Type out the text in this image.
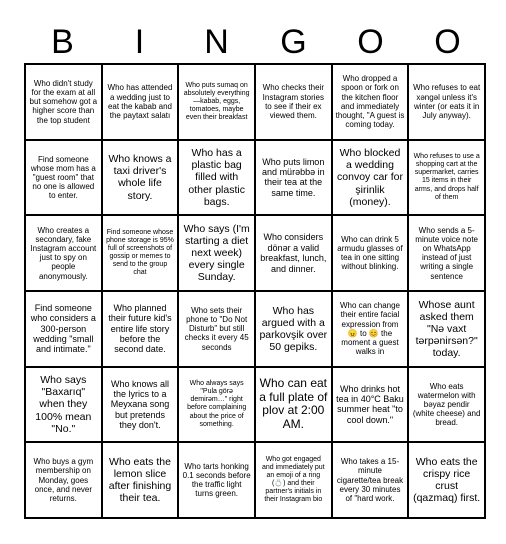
B	I	N	G	O	O
Who didn't study for the exam at all but somehow got a higher score than the top student
Who has attended a wedding just to eat the kabab and the paytaxt salatı
Who puts sumaq on absolutely everything—kabab, eggs, tomatoes, maybe even their breakfast
Who checks their Instagram stories to see if their ex viewed them.
Who dropped a spoon or fork on the kitchen floor and immediately thought, "A guest is coming today.
Who refuses to eat xəngəl unless it's winter (or eats it in July anyway).
Find someone whose mom has a "guest room" that no one is allowed to enter.
Who knows a taxi driver's whole life story.
Who has a plastic bag filled with other plastic bags.
Who puts limon and mürəbbə in their tea at the same time.
Who blocked a wedding convoy car for şirinlik (money).
Who refuses to use a shopping cart at the supermarket, carries 15 items in their arms, and drops half of them
Who creates a secondary, fake Instagram account just to spy on people anonymously.
Find someone whose phone storage is 95% full of screenshots of gossip or memes to send to the group chat
Who says (I'm starting a diet next week) every single Sunday.
Who considers dönər a valid breakfast, lunch, and dinner.
Who can drink 5 armudu glasses of tea in one sitting without blinking.
Who sends a 5-minute voice note on WhatsApp instead of just writing a single sentence
Find someone who considers a 300-person wedding "small and intimate."
Who planned their future kid's entire life story before the second date.
Who sets their phone to "Do Not Disturb" but still checks it every 45 seconds
Who has argued with a parkovşik over 50 gepiks.
Who can change their entire facial expression from 😠 to 😊 the moment a guest walks in
Whose aunt asked them "Nə vaxt tərpənirsən?" today.
Who says "Baxarıq" when they 100% mean "No."
Who knows all the lyrics to a Meyxana song but pretends they don't.
Who always says "Pula görə demirəm…" right before complaining about the price of something.
Who can eat a full plate of plov at 2:00 AM.
Who drinks hot tea in 40°C Baku summer heat "to cool down."
Who eats watermelon with bəyaz pendir (white cheese) and bread.
Who buys a gym membership on Monday, goes once, and never returns.
Who eats the lemon slice after finishing their tea.
Who tarts honking 0.1 seconds before the traffic light turns green.
Who got engaged and immediately put an emoji of a ring (💍) and their partner's initials in their Instagram bio
Who takes a 15-minute cigarette/tea break every 30 minutes of "hard work.
Who eats the crispy rice crust (qazmaq) first.
